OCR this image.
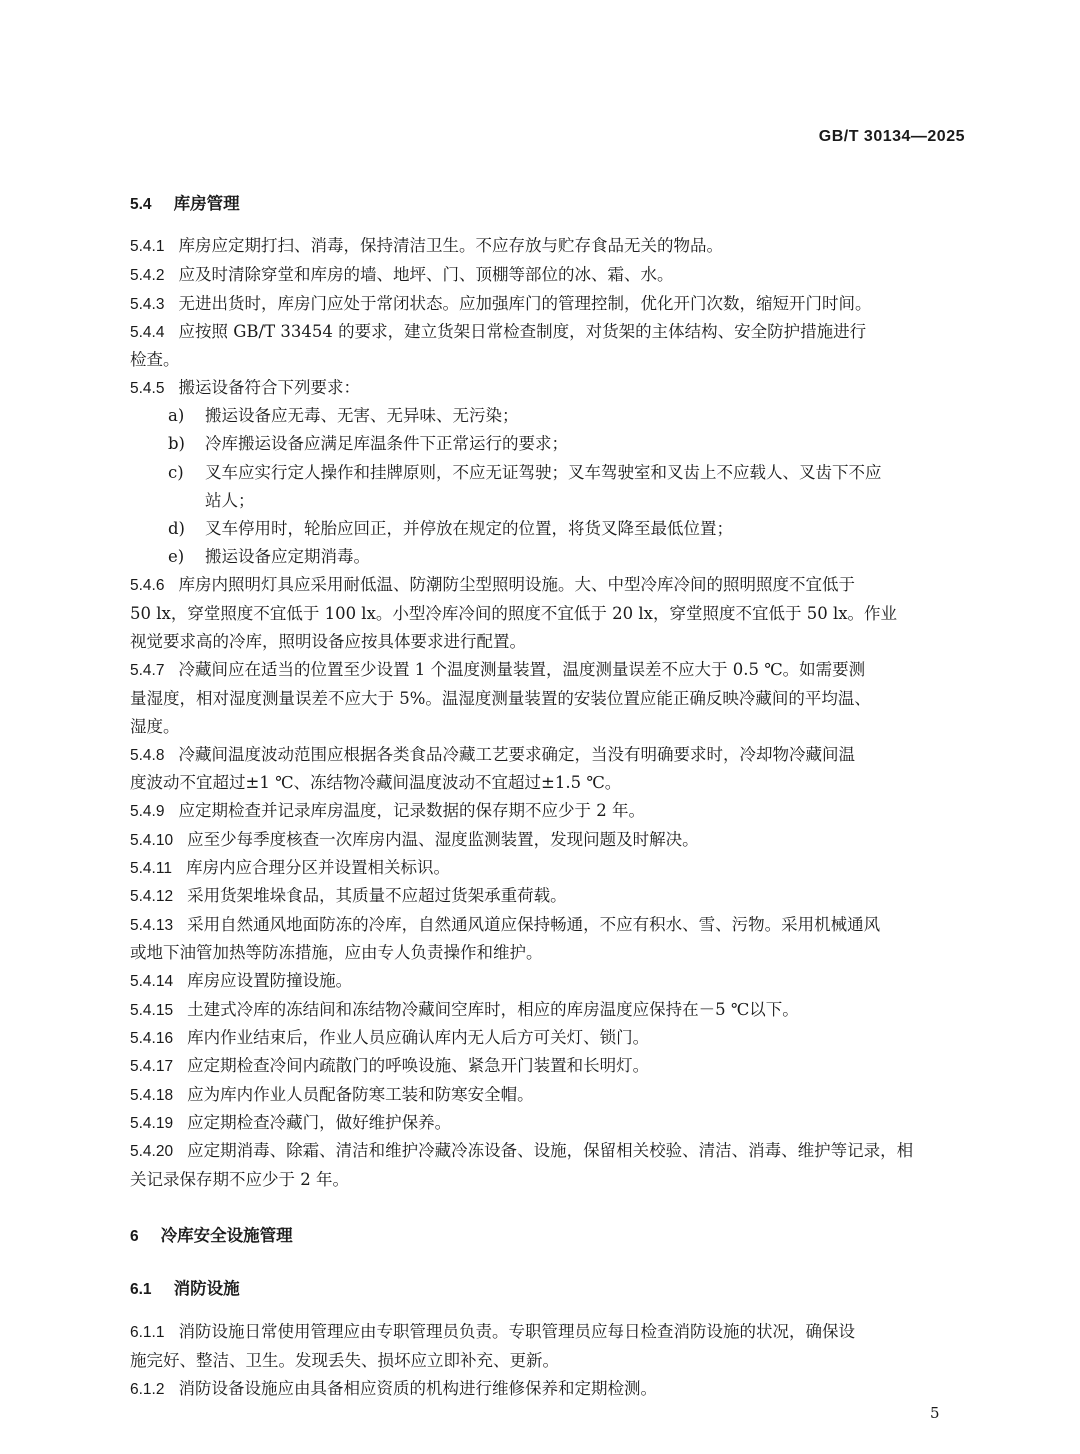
GB/T 30134—2025
5.4 库房管理
5.4.1 库房应定期打扫、消毒，保持清洁卫生。不应存放与贮存食品无关的物品。
5.4.2 应及时清除穿堂和库房的墙、地坪、门、顶棚等部位的冰、霜、水。
5.4.3 无进出货时，库房门应处于常闭状态。应加强库门的管理控制，优化开门次数，缩短开门时间。
5.4.4 应按照 GB/T 33454 的要求，建立货架日常检查制度，对货架的主体结构、安全防护措施进行
检查。
5.4.5 搬运设备符合下列要求：
a) 搬运设备应无毒、无害、无异味、无污染；
b) 冷库搬运设备应满足库温条件下正常运行的要求；
c) 叉车应实行定人操作和挂牌原则，不应无证驾驶；叉车驾驶室和叉齿上不应载人、叉齿下不应
站人；
d) 叉车停用时，轮胎应回正，并停放在规定的位置，将货叉降至最低位置；
e) 搬运设备应定期消毒。
5.4.6 库房内照明灯具应采用耐低温、防潮防尘型照明设施。大、中型冷库冷间的照明照度不宜低于
50 lx，穿堂照度不宜低于 100 lx。小型冷库冷间的照度不宜低于 20 lx，穿堂照度不宜低于 50 lx。作业
视觉要求高的冷库，照明设备应按具体要求进行配置。
5.4.7 冷藏间应在适当的位置至少设置 1 个温度测量装置，温度测量误差不应大于 0.5 ℃。如需要测
量湿度，相对湿度测量误差不应大于 5%。温湿度测量装置的安装位置应能正确反映冷藏间的平均温、
湿度。
5.4.8 冷藏间温度波动范围应根据各类食品冷藏工艺要求确定，当没有明确要求时，冷却物冷藏间温
度波动不宜超过±1 ℃、冻结物冷藏间温度波动不宜超过±1.5 ℃。
5.4.9 应定期检查并记录库房温度，记录数据的保存期不应少于 2 年。
5.4.10 应至少每季度核查一次库房内温、湿度监测装置，发现问题及时解决。
5.4.11 库房内应合理分区并设置相关标识。
5.4.12 采用货架堆垛食品，其质量不应超过货架承重荷载。
5.4.13 采用自然通风地面防冻的冷库，自然通风道应保持畅通，不应有积水、雪、污物。采用机械通风
或地下油管加热等防冻措施，应由专人负责操作和维护。
5.4.14 库房应设置防撞设施。
5.4.15 土建式冷库的冻结间和冻结物冷藏间空库时，相应的库房温度应保持在－5 ℃以下。
5.4.16 库内作业结束后，作业人员应确认库内无人后方可关灯、锁门。
5.4.17 应定期检查冷间内疏散门的呼唤设施、紧急开门装置和长明灯。
5.4.18 应为库内作业人员配备防寒工装和防寒安全帽。
5.4.19 应定期检查冷藏门，做好维护保养。
5.4.20 应定期消毒、除霜、清洁和维护冷藏冷冻设备、设施，保留相关校验、清洁、消毒、维护等记录，相
关记录保存期不应少于 2 年。
6 冷库安全设施管理
6.1 消防设施
6.1.1 消防设施日常使用管理应由专职管理员负责。专职管理员应每日检查消防设施的状况，确保设
施完好、整洁、卫生。发现丢失、损坏应立即补充、更新。
6.1.2 消防设备设施应由具备相应资质的机构进行维修保养和定期检测。
5
